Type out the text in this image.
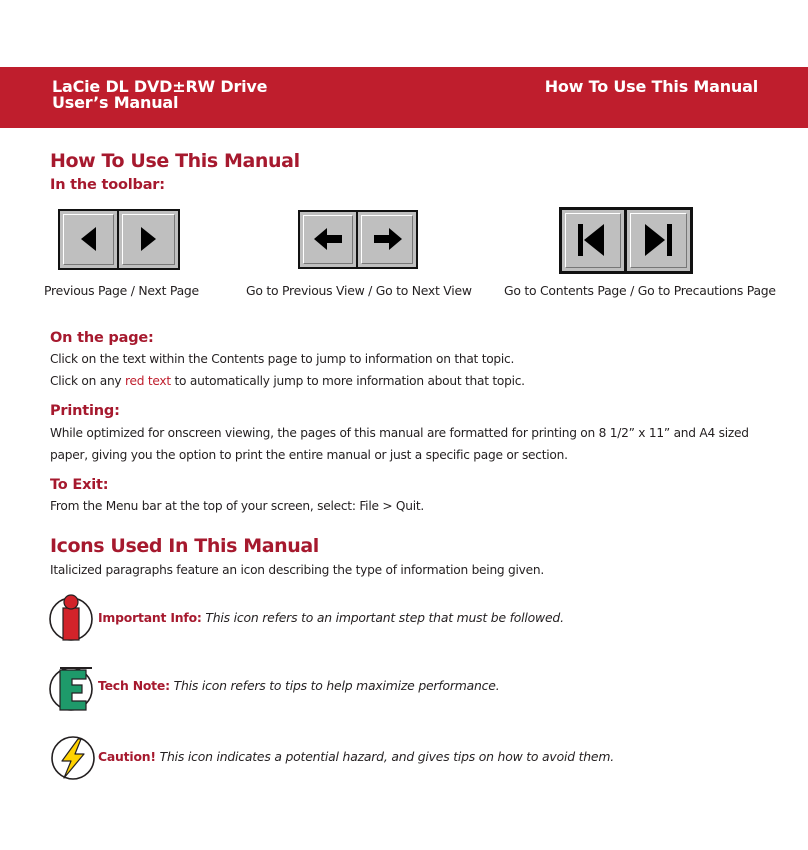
LaCie DL DVD±RW Drive
User’s Manual
How To Use This Manual
How To Use This Manual
In the toolbar:
Previous Page / Next Page	Go to Previous View / Go to Next View	Go to Contents Page / Go to Precautions Page
On the page:
Click on the text within the Contents page to jump to information on that topic.
Click on any red text to automatically jump to more information about that topic.
Printing:
While optimized for onscreen viewing, the pages of this manual are formatted for printing on 8 1/2” x 11” and A4 sized paper, giving you the option to print the entire manual or just a specific page or section.
To Exit:
From the Menu bar at the top of your screen, select: File > Quit.
Icons Used In This Manual
Italicized paragraphs feature an icon describing the type of information being given.
Important Info: This icon refers to an important step that must be followed.
Tech Note: This icon refers to tips to help maximize performance.
Caution! This icon indicates a potential hazard, and gives tips on how to avoid them.
